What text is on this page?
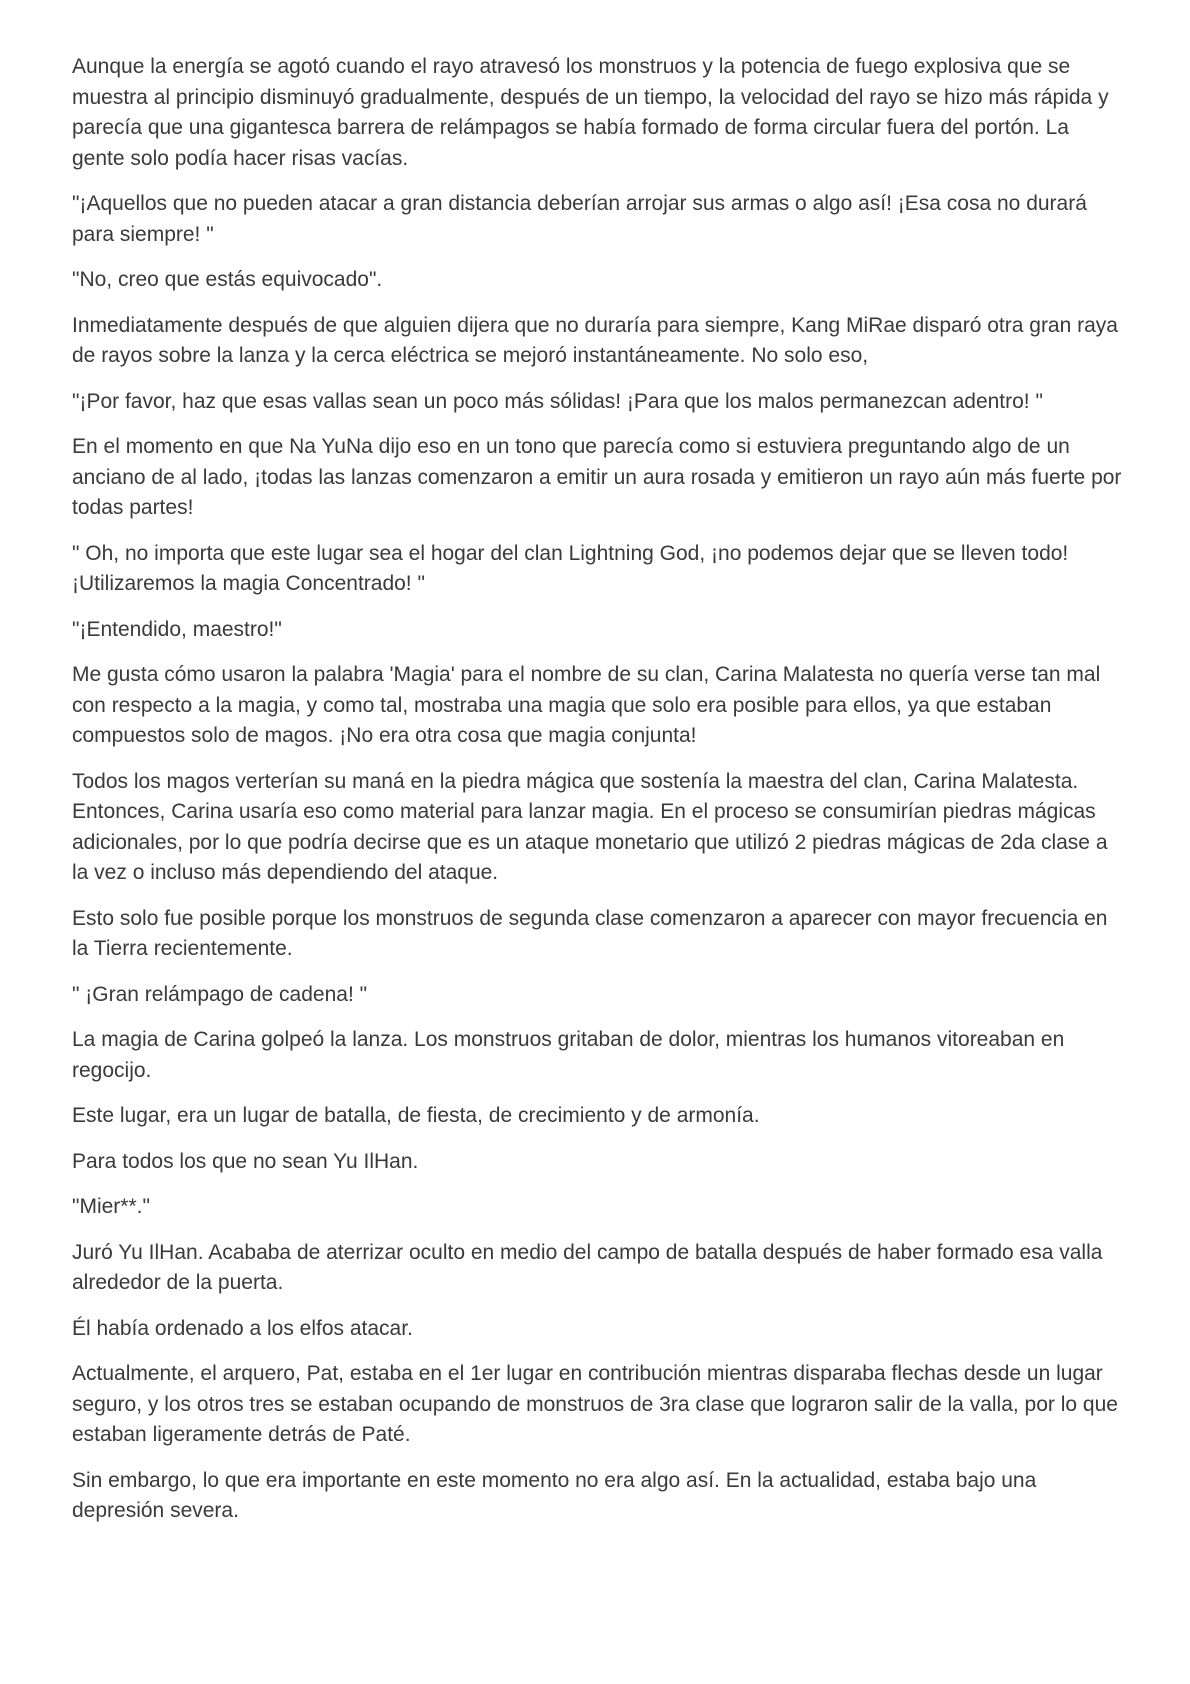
Aunque la energía se agotó cuando el rayo atravesó los monstruos y la potencia de fuego explosiva que se muestra al principio disminuyó gradualmente, después de un tiempo, la velocidad del rayo se hizo más rápida y parecía que una gigantesca barrera de relámpagos se había formado de forma circular fuera del portón. La gente solo podía hacer risas vacías.

"¡Aquellos que no pueden atacar a gran distancia deberían arrojar sus armas o algo así! ¡Esa cosa no durará para siempre! "

"No, creo que estás equivocado".

Inmediatamente después de que alguien dijera que no duraría para siempre, Kang MiRae disparó otra gran raya de rayos sobre la lanza y la cerca eléctrica se mejoró instantáneamente. No solo eso,

"¡Por favor, haz que esas vallas sean un poco más sólidas! ¡Para que los malos permanezcan adentro! "

En el momento en que Na YuNa dijo eso en un tono que parecía como si estuviera preguntando algo de un anciano de al lado, ¡todas las lanzas comenzaron a emitir un aura rosada y emitieron un rayo aún más fuerte por todas partes!

" Oh, no importa que este lugar sea el hogar del clan Lightning God, ¡no podemos dejar que se lleven todo! ¡Utilizaremos la magia Concentrado! "

"¡Entendido, maestro!"

Me gusta cómo usaron la palabra 'Magia' para el nombre de su clan, Carina Malatesta no quería verse tan mal con respecto a la magia, y como tal, mostraba una magia que solo era posible para ellos, ya que estaban compuestos solo de magos. ¡No era otra cosa que magia conjunta!

Todos los magos verterían su maná en la piedra mágica que sostenía la maestra del clan, Carina Malatesta. Entonces, Carina usaría eso como material para lanzar magia. En el proceso se consumirían piedras mágicas adicionales, por lo que podría decirse que es un ataque monetario que utilizó 2 piedras mágicas de 2da clase a la vez o incluso más dependiendo del ataque.

Esto solo fue posible porque los monstruos de segunda clase comenzaron a aparecer con mayor frecuencia en la Tierra recientemente.

" ¡Gran relámpago de cadena! "

La magia de Carina golpeó la lanza. Los monstruos gritaban de dolor, mientras los humanos vitoreaban en regocijo.

Este lugar, era un lugar de batalla, de fiesta, de crecimiento y de armonía.

Para todos los que no sean Yu IlHan.

"Mier**."

Juró Yu IlHan. Acababa de aterrizar oculto en medio del campo de batalla después de haber formado esa valla alrededor de la puerta.

Él había ordenado a los elfos atacar.

Actualmente, el arquero, Pat, estaba en el 1er lugar en contribución mientras disparaba flechas desde un lugar seguro, y los otros tres se estaban ocupando de monstruos de 3ra clase que lograron salir de la valla, por lo que estaban ligeramente detrás de Paté.

Sin embargo, lo que era importante en este momento no era algo así. En la actualidad, estaba bajo una depresión severa.
